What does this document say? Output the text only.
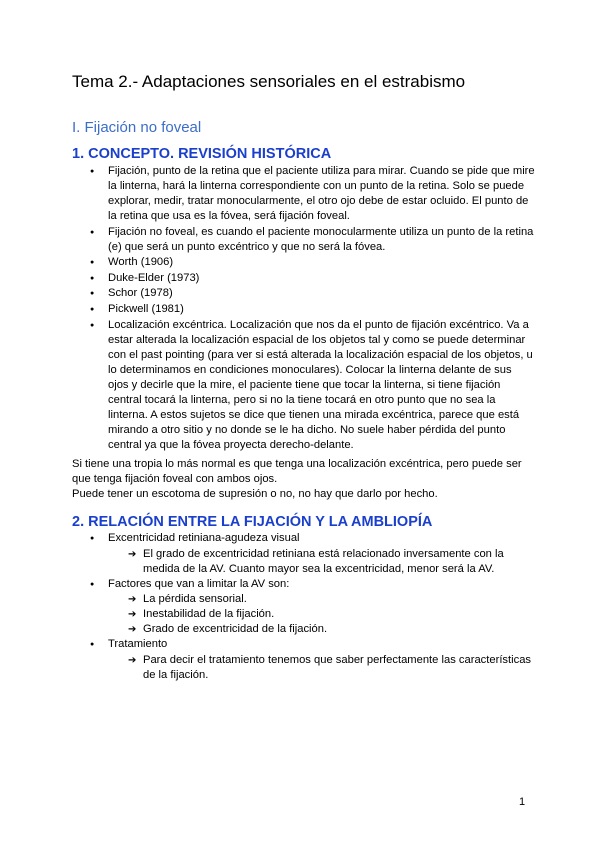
Tema 2.- Adaptaciones sensoriales en el estrabismo
I. Fijación no foveal
1. CONCEPTO. REVISIÓN HISTÓRICA
● Fijación, punto de la retina que el paciente utiliza para mirar. Cuando se pide que mire la linterna, hará la linterna correspondiente con un punto de la retina. Solo se puede explorar, medir, tratar monocularmente, el otro ojo debe de estar ocluido. El punto de la retina que usa es la fóvea, será fijación foveal.
● Fijación no foveal, es cuando el paciente monocularmente utiliza un punto de la retina (e) que será un punto excéntrico y que no será la fóvea.
● Worth (1906)
● Duke-Elder (1973)
● Schor (1978)
● Pickwell (1981)
● Localización excéntrica. Localización que nos da el punto de fijación excéntrico. Va a estar alterada la localización espacial de los objetos tal y como se puede determinar con el past pointing (para ver si está alterada la localización espacial de los objetos, u lo determinamos en condiciones monoculares). Colocar la linterna delante de sus ojos y decirle que la mire, el paciente tiene que tocar la linterna, si tiene fijación central tocará la linterna, pero si no la tiene tocará en otro punto que no sea la linterna. A estos sujetos se dice que tienen una mirada excéntrica, parece que está mirando a otro sitio y no donde se le ha dicho. No suele haber pérdida del punto central ya que la fóvea proyecta derecho-delante.
Si tiene una tropia lo más normal es que tenga una localización excéntrica, pero puede ser que tenga fijación foveal con ambos ojos.
Puede tener un escotoma de supresión o no, no hay que darlo por hecho.
2. RELACIÓN ENTRE LA FIJACIÓN Y LA AMBLIOPÍA
● Excentricidad retiniana-agudeza visual
➔ El grado de excentricidad retiniana está relacionado inversamente con la medida de la AV. Cuanto mayor sea la excentricidad, menor será la AV.
● Factores que van a limitar la AV son:
➔ La pérdida sensorial.
➔ Inestabilidad de la fijación.
➔ Grado de excentricidad de la fijación.
● Tratamiento
➔ Para decir el tratamiento tenemos que saber perfectamente las características de la fijación.
1
